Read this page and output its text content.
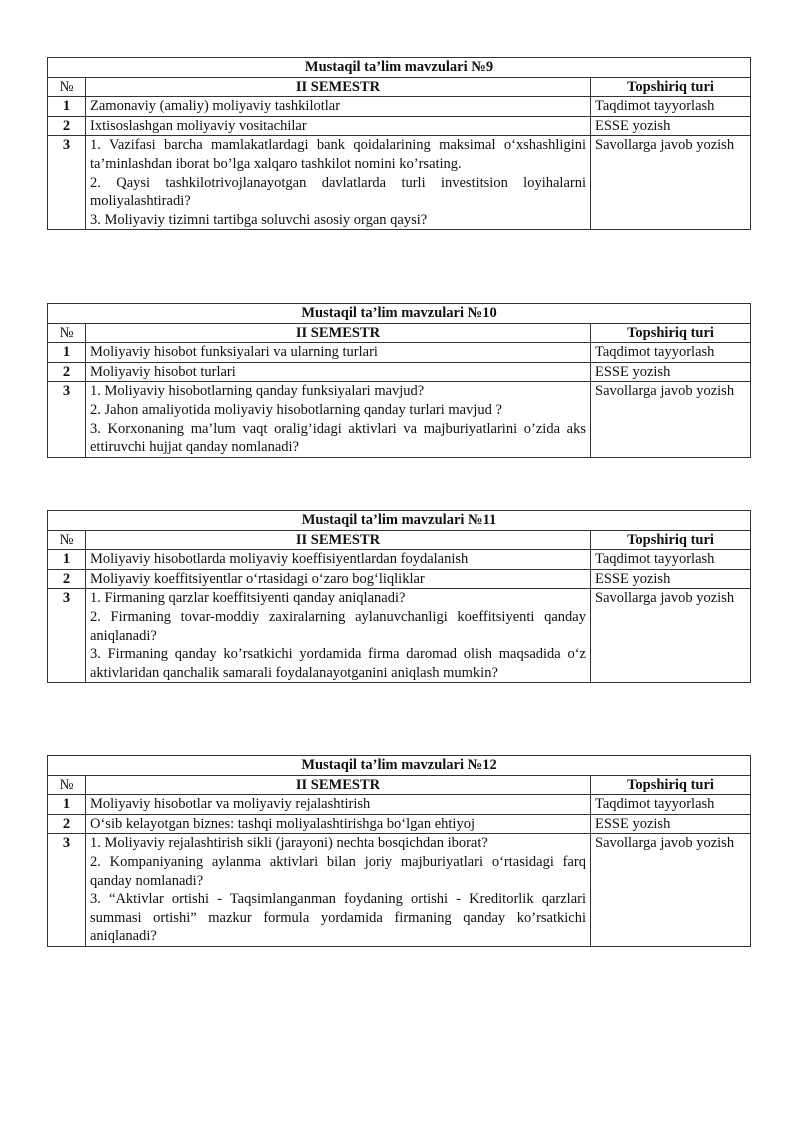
Mustaqil ta’lim mavzulari №9		
№	II SEMESTR	Topshiriq turi
1	Zamonaviy (amaliy) moliyaviy tashkilotlar	Taqdimot tayyorlash
2	Ixtisoslashgan moliyaviy vositachilar	ESSE yozish
3	1. Vazifasi barcha mamlakatlardagi bank qoidalarining maksimal o‘xshashligini ta’minlashdan iborat bo’lga xalqaro tashkilot nomini ko’rsating.

2. Qaysi tashkilotrivojlanayotgan davlatlarda turli investitsion loyihalarni moliyalashtiradi?

3. Moliyaviy tizimni tartibga soluvchi asosiy organ qaysi?	Savollarga javob yozish
Mustaqil ta’lim mavzulari №10		
№	II SEMESTR	Topshiriq turi
1	Moliyaviy hisobot funksiyalari va ularning turlari	Taqdimot tayyorlash
2	Moliyaviy hisobot turlari	ESSE yozish
3	1. Moliyaviy hisobotlarning qanday funksiyalari mavjud?

2. Jahon amaliyotida moliyaviy hisobotlarning qanday turlari mavjud ?

3. Korxonaning ma’lum vaqt oralig’idagi aktivlari va majburiyatlarini o’zida aks ettiruvchi hujjat qanday nomlanadi?	Savollarga javob yozish
Mustaqil ta’lim mavzulari №11		
№	II SEMESTR	Topshiriq turi
1	Moliyaviy hisobotlarda moliyaviy koeffisiyentlardan foydalanish	Taqdimot tayyorlash
2	Moliyaviy koeffitsiyentlar o‘rtasidagi o‘zaro bog‘liqliklar	ESSE yozish
3	1. Firmaning qarzlar koeffitsiyenti qanday aniqlanadi?

2. Firmaning tovar-moddiy zaxiralarning aylanuvchanligi koeffitsiyenti qanday aniqlanadi?

3. Firmaning qanday ko’rsatkichi yordamida firma daromad olish maqsadida o‘z aktivlaridan qanchalik samarali foydalanayotganini aniqlash mumkin?	Savollarga javob yozish
Mustaqil ta’lim mavzulari №12		
№	II SEMESTR	Topshiriq turi
1	Moliyaviy hisobotlar va moliyaviy rejalashtirish	Taqdimot tayyorlash
2	O‘sib kelayotgan biznes: tashqi moliyalashtirishga bo‘lgan ehtiyoj	ESSE yozish
3	1. Moliyaviy rejalashtirish sikli (jarayoni) nechta bosqichdan iborat?

2. Kompaniyaning aylanma aktivlari bilan joriy majburiyatlari o‘rtasidagi farq qanday nomlanadi?

3. “Aktivlar ortishi - Taqsimlanganman foydaning ortishi - Kreditorlik qarzlari summasi ortishi” mazkur formula yordamida firmaning qanday ko’rsatkichi aniqlanadi?	Savollarga javob yozish
